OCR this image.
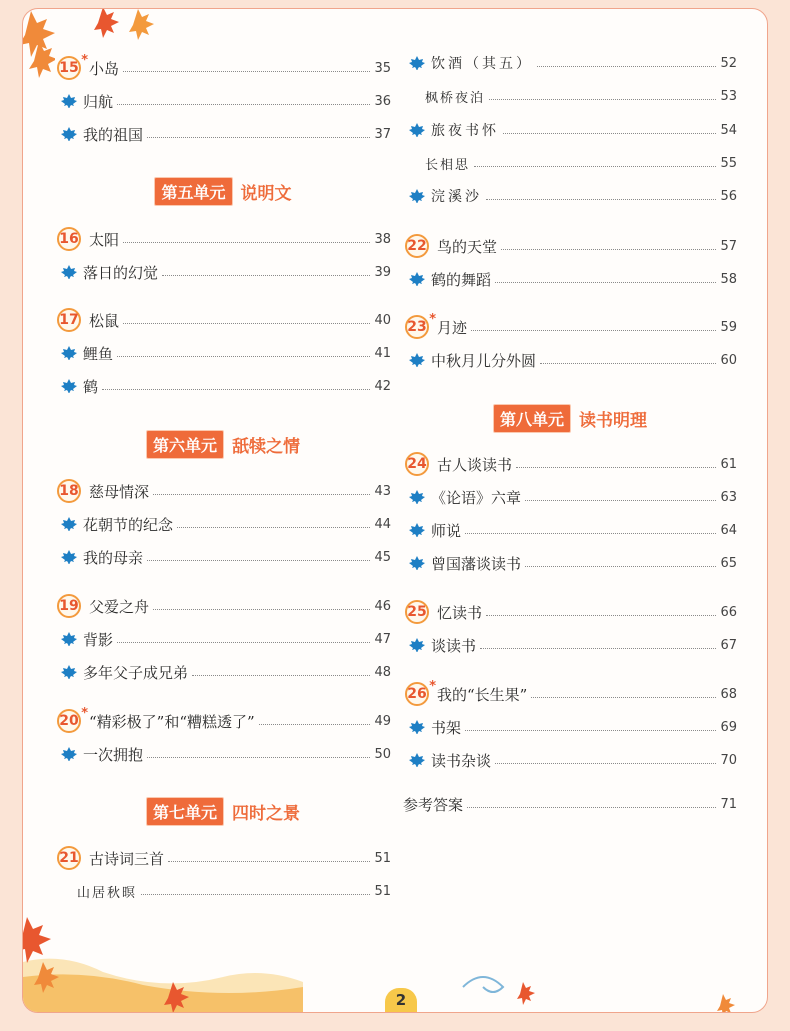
15 * 小岛	35
归航	36
我的祖国	37
第五单元 说明文
16 太阳	38
落日的幻觉	39
17 松鼠	40
鲤鱼	41
鹤	42
第六单元 舐犊之情
18 慈母情深	43
花朝节的纪念	44
我的母亲	45
19 父爱之舟	46
背影	47
多年父子成兄弟	48
20 * “精彩极了”和“糟糕透了”	49
一次拥抱	50
第七单元 四时之景
21 古诗词三首	51
山居秋暝	51
饮酒（其五）	52
枫桥夜泊	53
旅夜书怀	54
长相思	55
浣溪沙	56
22 鸟的天堂	57
鹤的舞蹈	58
23 * 月迹	59
中秋月儿分外圆	60
第八单元 读书明理
24 古人谈读书	61
《论语》六章	63
师说	64
曾国藩谈读书	65
25 忆读书	66
谈读书	67
26 * 我的“长生果”	68
书架	69
读书杂谈	70
参考答案	71
2
